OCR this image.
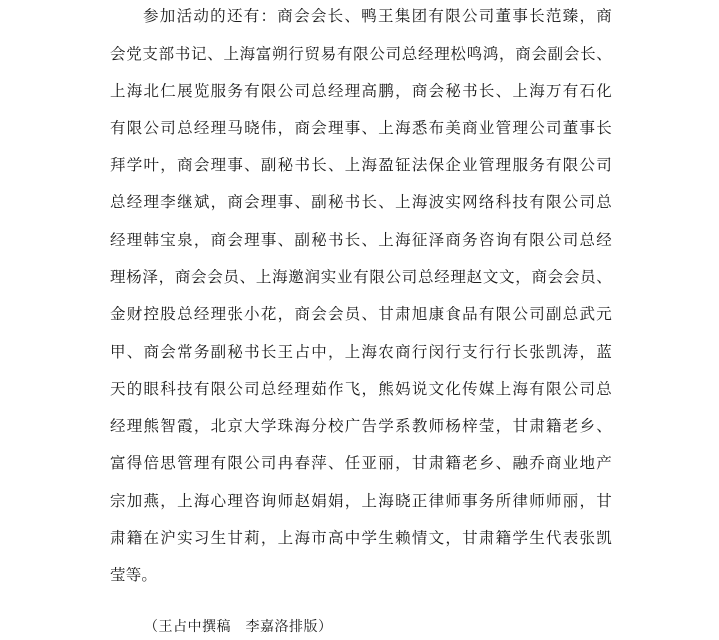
参加活动的还有：商会会长、鸭王集团有限公司董事长范臻，商
会党支部书记、上海富朔行贸易有限公司总经理松鸣鸿，商会副会长、
上海北仁展览服务有限公司总经理高鹏，商会秘书长、上海万有石化
有限公司总经理马晓伟，商会理事、上海悉布美商业管理公司董事长
拜学叶，商会理事、副秘书长、上海盈钲法保企业管理服务有限公司
总经理李继斌，商会理事、副秘书长、上海波实网络科技有限公司总
经理韩宝泉，商会理事、副秘书长、上海征泽商务咨询有限公司总经
理杨泽，商会会员、上海邀润实业有限公司总经理赵文文，商会会员、
金财控股总经理张小花，商会会员、甘肃旭康食品有限公司副总武元
甲、商会常务副秘书长王占中，上海农商行闵行支行行长张凯涛，蓝
天的眼科技有限公司总经理茹作飞，熊妈说文化传媒上海有限公司总
经理熊智霞，北京大学珠海分校广告学系教师杨梓莹，甘肃籍老乡、
富得倍思管理有限公司冉春萍、任亚丽，甘肃籍老乡、融乔商业地产
宗加燕，上海心理咨询师赵娟娟，上海晓正律师事务所律师师丽，甘
肃籍在沪实习生甘莉，上海市高中学生赖情文，甘肃籍学生代表张凯
莹等。
（王占中撰稿　李嘉洛排版）
